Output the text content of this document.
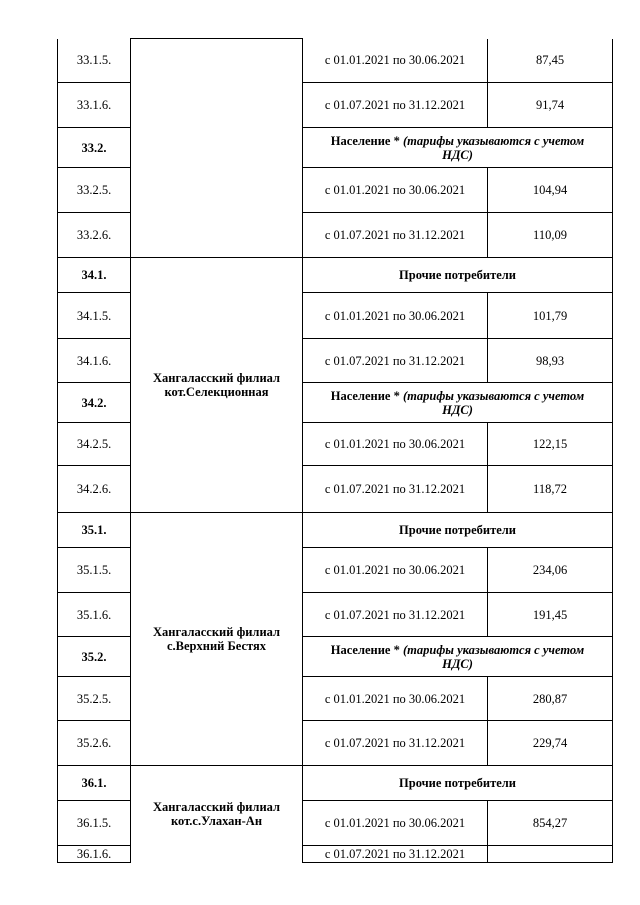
33.1.5.		с 01.01.2021 по 30.06.2021	87,45
33.1.6.		с 01.07.2021 по 31.12.2021	91,74
33.2.		Население * (тарифы указываются с учетом НДС)	

33.2.5.		с 01.01.2021 по 30.06.2021	104,94
33.2.6.		с 01.07.2021 по 31.12.2021	110,09
34.1.	Хангаласский филиал кот.Селекционная	Прочие потребители	
34.1.5.		с 01.01.2021 по 30.06.2021	101,79
34.1.6.		с 01.07.2021 по 31.12.2021	98,93
34.2.		Население * (тарифы указываются с учетом НДС)	

34.2.5.		с 01.01.2021 по 30.06.2021	122,15
34.2.6.		с 01.07.2021 по 31.12.2021	118,72
35.1.	Хангаласский филиал с.Верхний Бестях	Прочие потребители	
35.1.5.		с 01.01.2021 по 30.06.2021	234,06
35.1.6.		с 01.07.2021 по 31.12.2021	191,45
35.2.		Население * (тарифы указываются с учетом НДС)	

35.2.5.		с 01.01.2021 по 30.06.2021	280,87
35.2.6.		с 01.07.2021 по 31.12.2021	229,74
36.1.	Хангаласский филиал кот.с.Улахан-Ан	Прочие потребители	
36.1.5.		с 01.01.2021 по 30.06.2021	854,27
36.1.6.		с 01.07.2021 по 31.12.2021	
